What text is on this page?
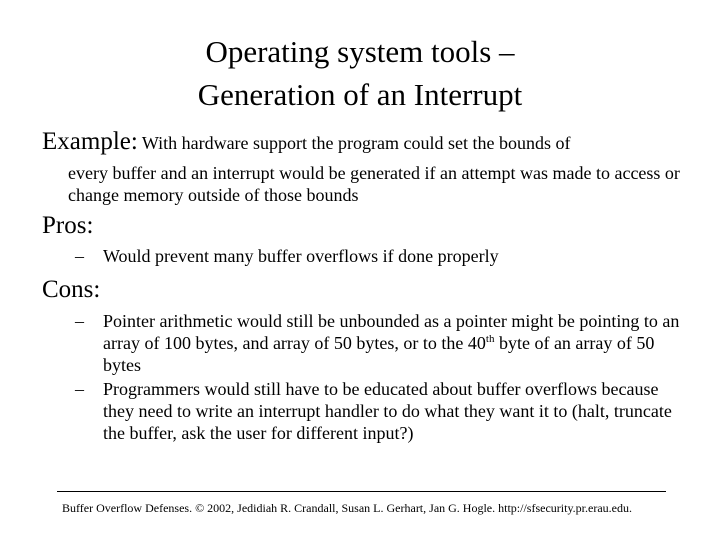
Operating system tools –
Generation of an Interrupt
Example: With hardware support the program could set the bounds of
every buffer and an interrupt would be generated if an attempt was made to access or change memory outside of those bounds
Pros:
– Would prevent many buffer overflows if done properly
Cons:
– Pointer arithmetic would still be unbounded as a pointer might be pointing to an array of 100 bytes, and array of 50 bytes, or to the 40th byte of an array of 50 bytes
– Programmers would still have to be educated about buffer overflows because they need to write an interrupt handler to do what they want it to (halt, truncate the buffer, ask the user for different input?)
Buffer Overflow Defenses. © 2002, Jedidiah R. Crandall, Susan L. Gerhart, Jan G. Hogle. http://sfsecurity.pr.erau.edu.
